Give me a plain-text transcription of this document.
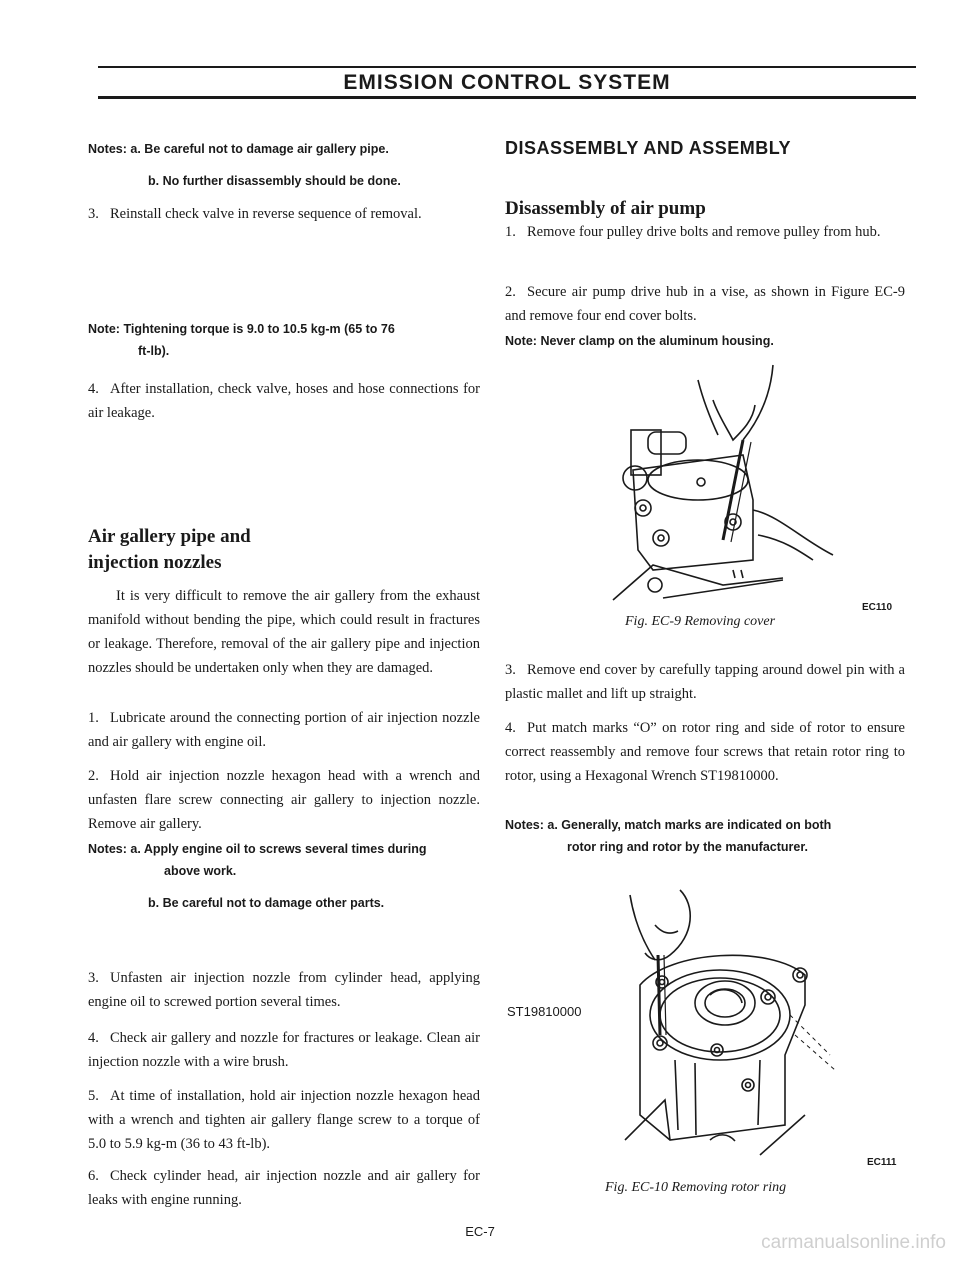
EMISSION CONTROL SYSTEM

Notes: a. Be careful not to damage air gallery pipe.
b. No further disassembly should be done.

3. Reinstall check valve in reverse sequence of removal.

Note: Tightening torque is 9.0 to 10.5 kg-m (65 to 76
ft-lb).

4. After installation, check valve, hoses and hose connections for air leakage.

Air gallery pipe and

injection nozzles

It is very difficult to remove the air gallery from the exhaust manifold without bending the pipe, which could result in fractures or leakage. Therefore, removal of the air gallery pipe and injection nozzles should be undertaken only when they are damaged.

1. Lubricate around the connecting portion of air injection nozzle and air gallery with engine oil.

2. Hold air injection nozzle hexagon head with a wrench and unfasten flare screw connecting air gallery to injection nozzle. Remove air gallery.

Notes: a. Apply engine oil to screws several times during
above work.
b. Be careful not to damage other parts.

3. Unfasten air injection nozzle from cylinder head, applying engine oil to screwed portion several times.

4. Check air gallery and nozzle for fractures or leakage. Clean air injection nozzle with a wire brush.

5. At time of installation, hold air injection nozzle hexagon head with a wrench and tighten air gallery flange screw to a torque of 5.0 to 5.9 kg-m (36 to 43 ft-lb).

6. Check cylinder head, air injection nozzle and air gallery for leaks with engine running.

DISASSEMBLY AND ASSEMBLY

Disassembly of air pump

1. Remove four pulley drive bolts and remove pulley from hub.

2. Secure air pump drive hub in a vise, as shown in Figure EC-9 and remove four end cover bolts.

Note: Never clamp on the aluminum housing.

EC110
Fig. EC-9 Removing cover

3. Remove end cover by carefully tapping around dowel pin with a plastic mallet and lift up straight.

4. Put match marks “O” on rotor ring and side of rotor to ensure correct reassembly and remove four screws that retain rotor ring to rotor, using a Hexagonal Wrench ST19810000.

Notes: a. Generally, match marks are indicated on both
rotor ring and rotor by the manufacturer.

ST19810000
EC111
Fig. EC-10 Removing rotor ring
EC-7
carmanualsonline.info
